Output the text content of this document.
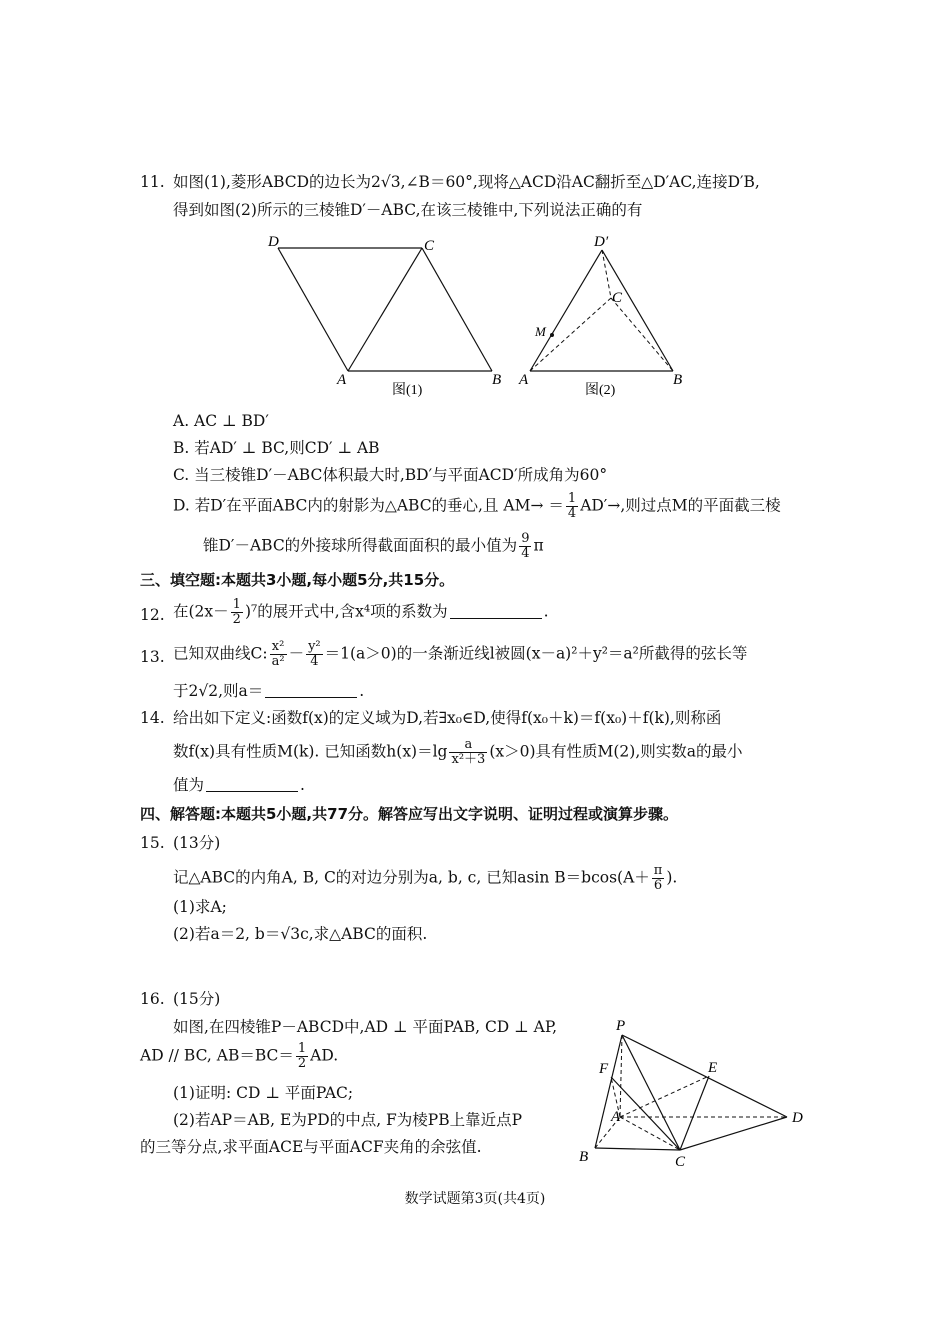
11. 如图(1),菱形ABCD的边长为2√3,∠B＝60°,现将△ACD沿AC翻折至△D′AC,连接D′B,
得到如图(2)所示的三棱锥D′－ABC,在该三棱锥中,下列说法正确的有
D	C
A	B
图(1)
D′
C
M
A	B
图(2)
A. AC ⊥ BD′
B. 若AD′ ⊥ BC,则CD′ ⊥ AB
C. 当三棱锥D′－ABC体积最大时,BD′与平面ACD′所成角为60°
D. 若D′在平面ABC内的射影为△ABC的垂心,且 $AM\to = \frac{1}{4} AD'\to$,则过点M的平面截三棱
锥D′－ABC的外接球所得截面面积的最小值为 $\frac{9}{4}$ π
三、填空题:本题共3小题,每小题5分,共15分。
12. 在$(2x- \frac{1}{2} )^7$的展开式中,含x⁴项的系数为	.
13. 已知双曲线C: $\frac{\text{x²}}{\text{a²}} - \frac{\text{y²}}{4} =1(a>0)$的一条渐近线l被圆(x－a)²＋y²＝a²所截得的弦长等
于2√2,则a＝	.
14. 给出如下定义:函数f(x)的定义域为D,若∃x₀∈D,使得f(x₀＋k)＝f(x₀)＋f(k),则称函
数f(x)具有性质M(k). 已知函数$h(x)=\lg \frac{a}{\text{x²＋3}} (x>0)$具有性质M(2),则实数a的最小
值为	.
四、解答题:本题共5小题,共77分。解答应写出文字说明、证明过程或演算步骤。
15. (13分)
记△ABC的内角A, B, C的对边分别为a, b, c, 已知asin $B=bcos(A+ \frac{\pi}{6}$ ).
(1)求A;
(2)若a＝2, b＝√3c,求△ABC的面积.
16. (15分)
如图,在四棱锥P－ABCD中,AD ⊥ 平面PAB, CD ⊥ AP,
AD // BC, $AB=BC= \frac{1}{2}$ AD.
(1)证明: CD ⊥ 平面PAC;
(2)若AP＝AB, E为PD的中点, F为棱PB上靠近点P
的三等分点,求平面ACE与平面ACF夹角的余弦值.
P
F	E
A	D
B	C
数学试题第3页(共4页)
